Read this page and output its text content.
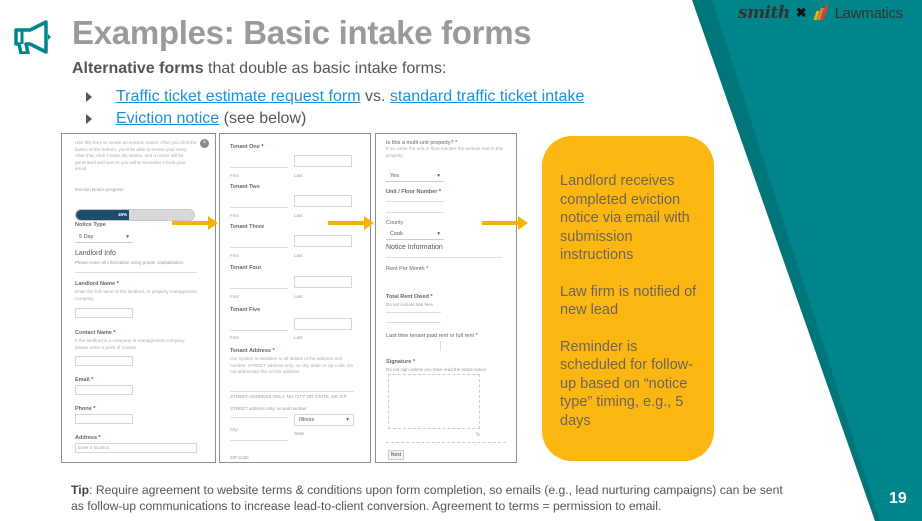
Examples: Basic intake forms
smith ✖ Lawmatics
Alternative forms that double as basic intake forms:
Traffic ticket estimate request form vs. standard traffic ticket intake
Eviction notice (see below)
×
Use this form to create an eviction notice. After you click the button at the bottom, you'll be able to review your entry. After that, click Create My Notice, and a notice will be generated and sent to you within seconds! Check your email.
Eviction Notice progress
45%
Notice Type
5 Day	▾
Landlord Info
Please enter all information using proper capitalization.
Landlord Name *
Enter the full name of the landlord, or property management company
Contact Name *
If the landlord is a company or management company, please enter a point of contact
Email *
Phone *
Address *
Enter a location
Tenant One *
First	Last
Tenant Two
First	Last
Tenant Three
First	Last
Tenant Four
First	Last
Tenant Five
First	Last
Tenant Address *
Our system is sensitive to all details of the address and number. STREET address only, no city, state or zip code. Do not abbreviate this on the address.
STREET ADDRESS ONLY, NO CITY OR STATE, NO ZIP
STREET address only, no unit number
Illinois	▾
City
State
ZIP Code
Is this a multi-unit property? *
If so, enter the unit or floor number the tenants rent in this property.
Yes	▾
Unit / Floor Number *
County
Cook	▾
Notice Information
Rent Per Month *
Total Rent Owed *
Do not include late fees
Last time tenant paid rent or full rent *
Signature *
Do not sign unless you have read the entire notice
↻
Next

Landlord receives completed eviction notice via email with submission instructions

Law firm is notified of new lead

Reminder is scheduled for follow-up based on “notice type” timing, e.g., 5 days

Tip: Require agreement to website terms & conditions upon form completion, so emails (e.g., lead nurturing campaigns) can be sent as follow-up communications to increase lead-to-client conversion. Agreement to terms = permission to email.	19
